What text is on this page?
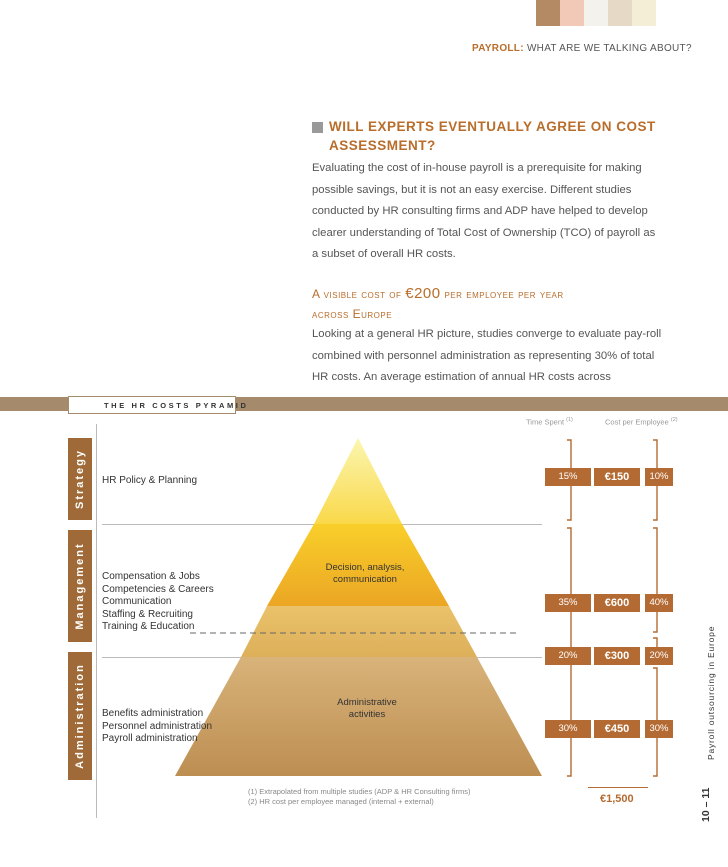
PAYROLL: WHAT ARE WE TALKING ABOUT?
WILL EXPERTS EVENTUALLY AGREE ON COST ASSESSMENT?
Evaluating the cost of in-house payroll is a prerequisite for making possible savings, but it is not an easy exercise. Different studies conducted by HR consulting firms and ADP have helped to develop clearer understanding of Total Cost of Ownership (TCO) of payroll as a subset of overall HR costs.
A visible cost of €200 per employee per year
across Europe
Looking at a general HR picture, studies converge to evaluate pay-roll combined with personnel administration as representing 30% of total HR costs. An average estimation of annual HR costs across
THE HR COSTS PYRAMID
Time Spent $^{(1)}$	Cost per Employee $^{(2)}$
Strategy
Management
Administration
Decision, analysis,
communication
Administrative
activities
HR Policy & Planning
Compensation & Jobs
Competencies & Careers
Communication
Staffing & Recruiting
Training & Education
Benefits administration
Personnel administration
Payroll administration
15%	€150	10%
35%	€600	40%
20%	€300	20%
30%	€450	30%
€1,500
(1) Extrapolated from multiple studies (ADP & HR Consulting firms)
(2) HR cost per employee managed (internal + external)
Payroll outsourcing in Europe
10 – 11
